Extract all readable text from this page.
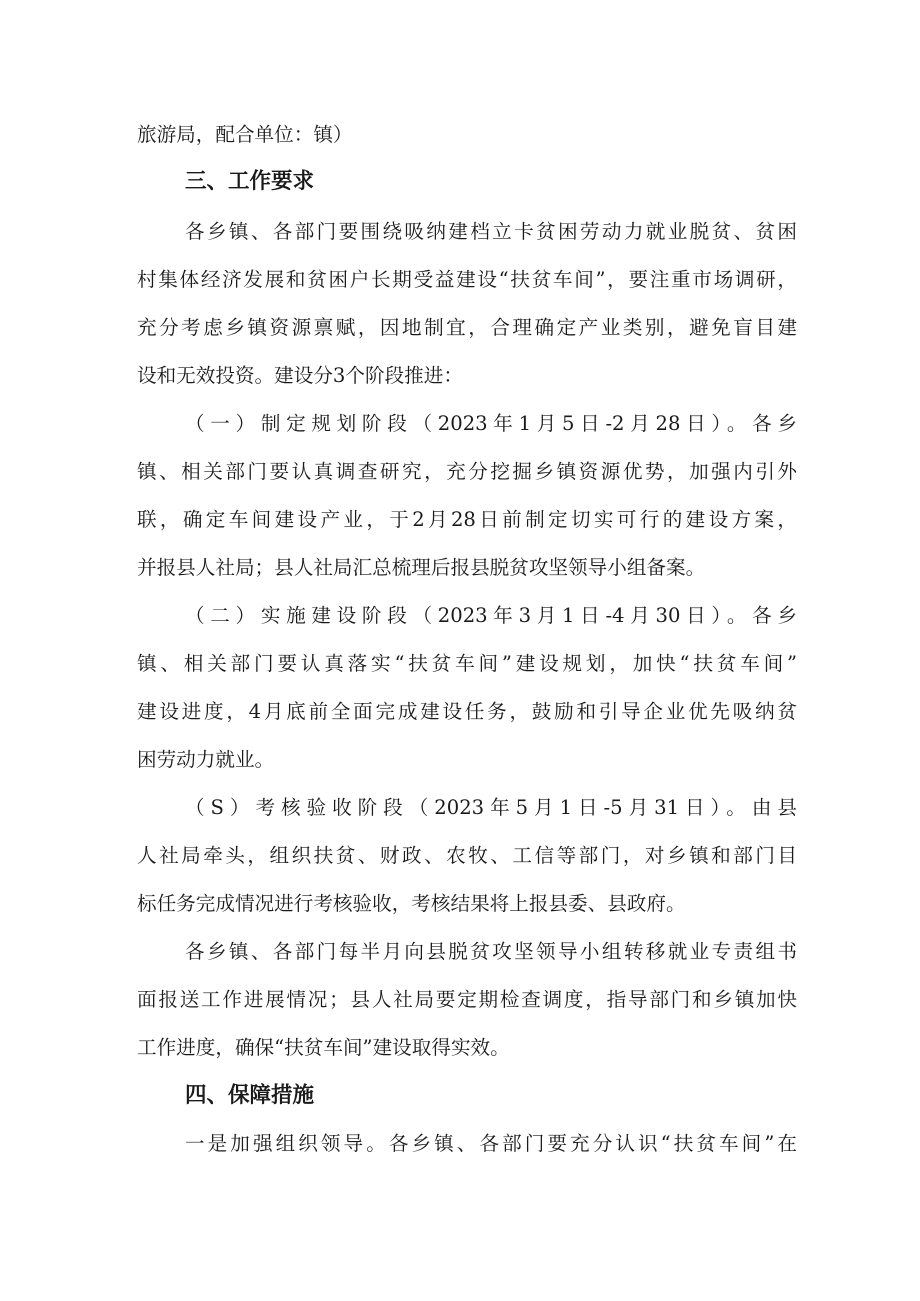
旅游局，配合单位：镇）
三、工作要求
各乡镇、各部门要围绕吸纳建档立卡贫困劳动力就业脱贫、贫困
村集体经济发展和贫困户长期受益建设“扶贫车间”，要注重市场调研，
充分考虑乡镇资源禀赋，因地制宜，合理确定产业类别，避免盲目建
设和无效投资。建设分3个阶段推进：
（一）制定规划阶段（2023年1月5日-2月28日）。各乡
镇、相关部门要认真调查研究，充分挖掘乡镇资源优势，加强内引外
联，确定车间建设产业，于2月28日前制定切实可行的建设方案，
并报县人社局；县人社局汇总梳理后报县脱贫攻坚领导小组备案。
（二）实施建设阶段（2023年3月1日-4月30日）。各乡
镇、相关部门要认真落实“扶贫车间”建设规划，加快“扶贫车间”
建设进度，4月底前全面完成建设任务，鼓励和引导企业优先吸纳贫
困劳动力就业。
（S）考核验收阶段（2023年5月1日-5月31日）。由县
人社局牵头，组织扶贫、财政、农牧、工信等部门，对乡镇和部门目
标任务完成情况进行考核验收，考核结果将上报县委、县政府。
各乡镇、各部门每半月向县脱贫攻坚领导小组转移就业专责组书
面报送工作进展情况；县人社局要定期检查调度，指导部门和乡镇加快
工作进度，确保“扶贫车间”建设取得实效。
四、保障措施
一是加强组织领导。各乡镇、各部门要充分认识“扶贫车间”在
